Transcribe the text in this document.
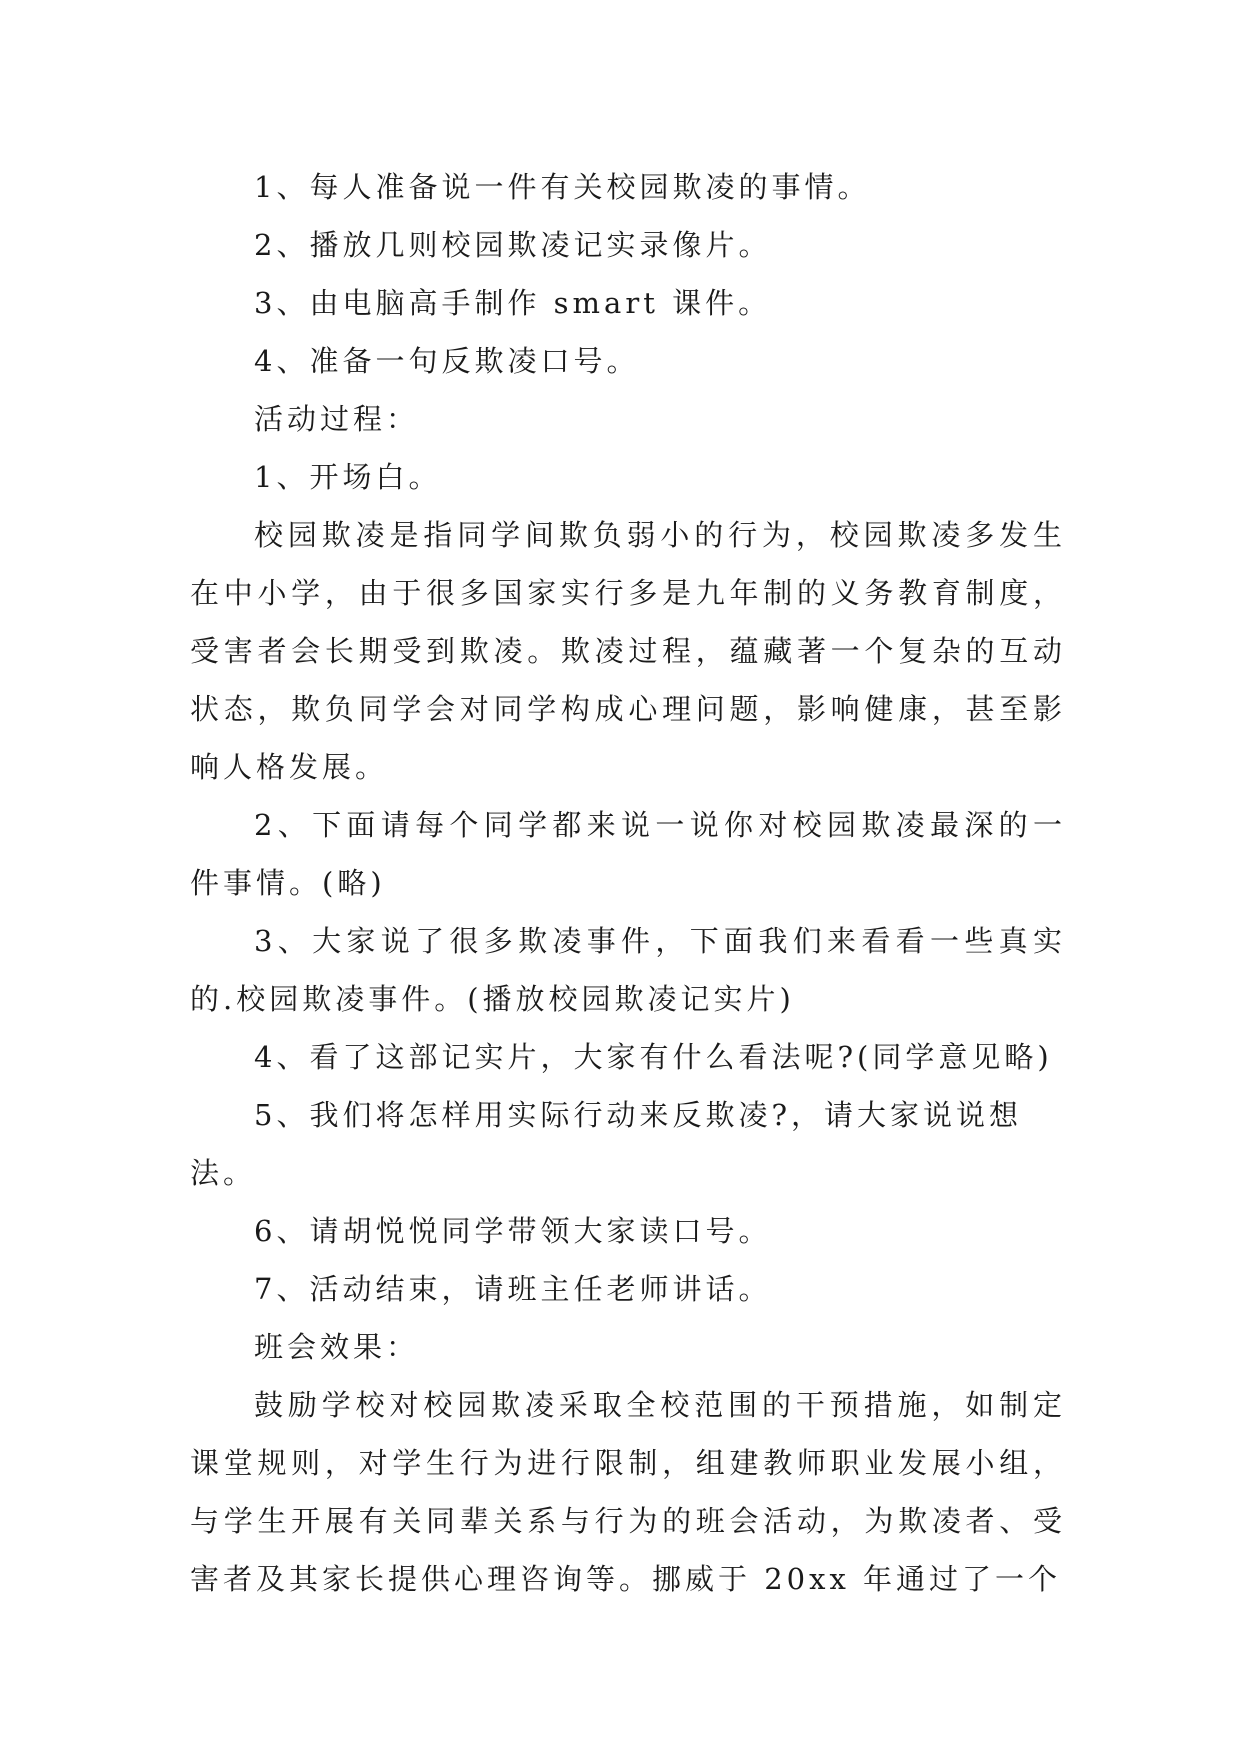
1、每人准备说一件有关校园欺凌的事情。

2、播放几则校园欺凌记实录像片。

3、由电脑高手制作 smart 课件。

4、准备一句反欺凌口号。

活动过程：

1、开场白。

校园欺凌是指同学间欺负弱小的行为，校园欺凌多发生在中小学，由于很多国家实行多是九年制的义务教育制度，受害者会长期受到欺凌。欺凌过程，蕴藏著一个复杂的互动状态，欺负同学会对同学构成心理问题，影响健康，甚至影响人格发展。

2、下面请每个同学都来说一说你对校园欺凌最深的一件事情。(略)

3、大家说了很多欺凌事件，下面我们来看看一些真实的.校园欺凌事件。(播放校园欺凌记实片)

4、看了这部记实片，大家有什么看法呢?(同学意见略)

5、我们将怎样用实际行动来反欺凌?，请大家说说想法。

6、请胡悦悦同学带领大家读口号。

7、活动结束，请班主任老师讲话。

班会效果：

鼓励学校对校园欺凌采取全校范围的干预措施，如制定课堂规则，对学生行为进行限制，组建教师职业发展小组，与学生开展有关同辈关系与行为的班会活动，为欺凌者、受害者及其家长提供心理咨询等。挪威于 20xx 年通过了一个
